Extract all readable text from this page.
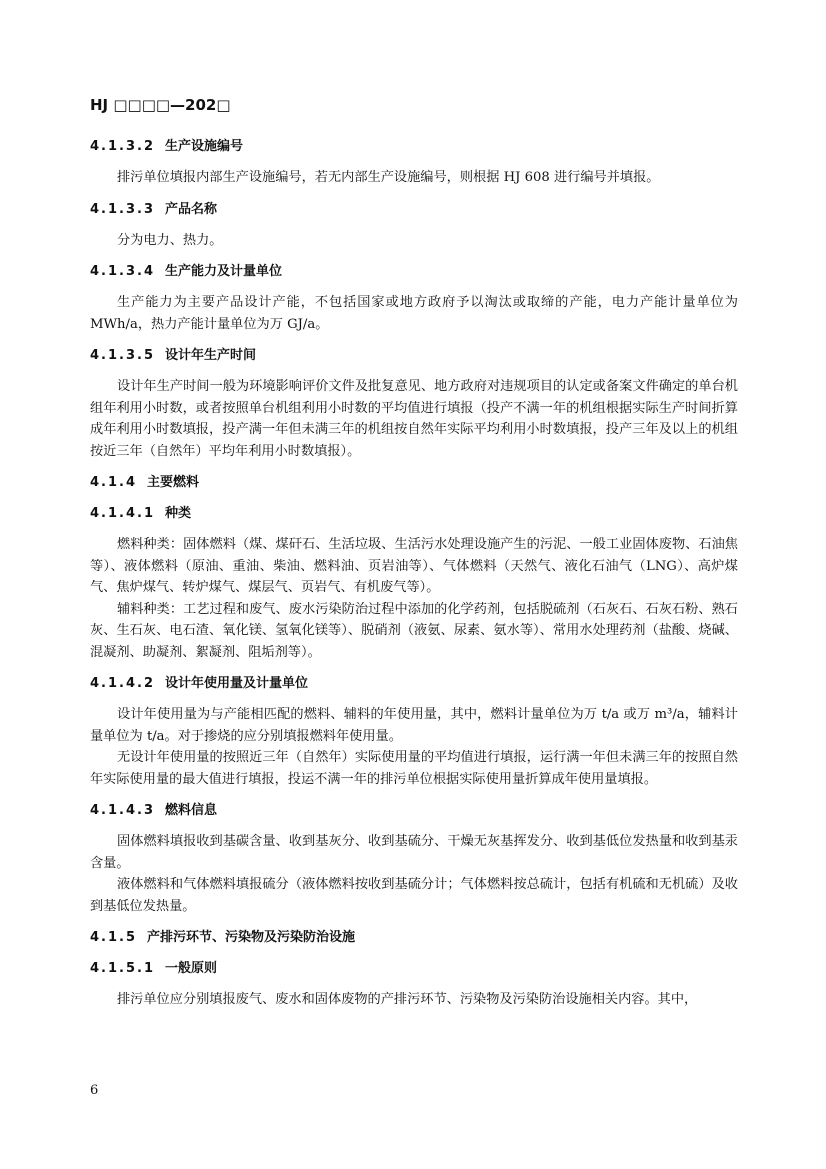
HJ □□□□—202□
4.1.3.2 生产设施编号

排污单位填报内部生产设施编号，若无内部生产设施编号，则根据 HJ 608 进行编号并填报。

4.1.3.3 产品名称

分为电力、热力。

4.1.3.4 生产能力及计量单位

生产能力为主要产品设计产能，不包括国家或地方政府予以淘汰或取缔的产能，电力产能计量单位为 MWh/a，热力产能计量单位为万 GJ/a。

4.1.3.5 设计年生产时间

设计年生产时间一般为环境影响评价文件及批复意见、地方政府对违规项目的认定或备案文件确定的单台机组年利用小时数，或者按照单台机组利用小时数的平均值进行填报（投产不满一年的机组根据实际生产时间折算成年利用小时数填报，投产满一年但未满三年的机组按自然年实际平均利用小时数填报，投产三年及以上的机组按近三年（自然年）平均年利用小时数填报）。

4.1.4 主要燃料
4.1.4.1 种类

燃料种类：固体燃料（煤、煤矸石、生活垃圾、生活污水处理设施产生的污泥、一般工业固体废物、石油焦等）、液体燃料（原油、重油、柴油、燃料油、页岩油等）、气体燃料（天然气、液化石油气（LNG）、高炉煤气、焦炉煤气、转炉煤气、煤层气、页岩气、有机废气等）。

辅料种类：工艺过程和废气、废水污染防治过程中添加的化学药剂，包括脱硫剂（石灰石、石灰石粉、熟石灰、生石灰、电石渣、氧化镁、氢氧化镁等）、脱硝剂（液氨、尿素、氨水等）、常用水处理药剂（盐酸、烧碱、混凝剂、助凝剂、絮凝剂、阻垢剂等）。

4.1.4.2 设计年使用量及计量单位

设计年使用量为与产能相匹配的燃料、辅料的年使用量，其中，燃料计量单位为万 t/a 或万 m³/a，辅料计量单位为 t/a。对于掺烧的应分别填报燃料年使用量。

无设计年使用量的按照近三年（自然年）实际使用量的平均值进行填报，运行满一年但未满三年的按照自然年实际使用量的最大值进行填报，投运不满一年的排污单位根据实际使用量折算成年使用量填报。

4.1.4.3 燃料信息

固体燃料填报收到基碳含量、收到基灰分、收到基硫分、干燥无灰基挥发分、收到基低位发热量和收到基汞含量。

液体燃料和气体燃料填报硫分（液体燃料按收到基硫分计；气体燃料按总硫计，包括有机硫和无机硫）及收到基低位发热量。

4.1.5 产排污环节、污染物及污染防治设施
4.1.5.1 一般原则

排污单位应分别填报废气、废水和固体废物的产排污环节、污染物及污染防治设施相关内容。其中，

6
